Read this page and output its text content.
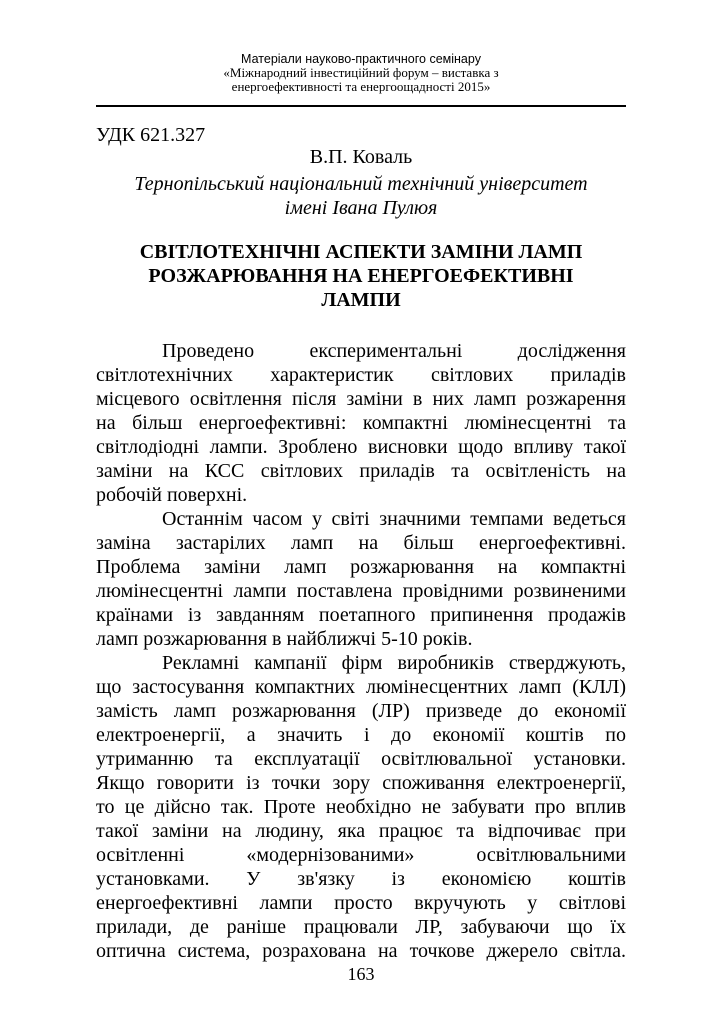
Матеріали науково-практичного семінару
«Міжнародний інвестиційний форум – виставка з
енергоефективності та енергоощадності 2015»
УДК 621.327
В.П. Коваль
Тернопільський національний технічний університет
імені Івана Пулюя
СВІТЛОТЕХНІЧНІ АСПЕКТИ ЗАМІНИ ЛАМП
РОЗЖАРЮВАННЯ НА ЕНЕРГОЕФЕКТИВНІ
ЛАМПИ
Проведено експериментальні дослідження
світлотехнічних характеристик світлових приладів
місцевого освітлення після заміни в них ламп розжарення
на більш енергоефективні: компактні люмінесцентні та
світлодіодні лампи. Зроблено висновки щодо впливу такої
заміни на КСС світлових приладів та освітленість на
робочій поверхні.
Останнім часом у світі значними темпами ведеться
заміна застарілих ламп на більш енергоефективні.
Проблема заміни ламп розжарювання на компактні
люмінесцентні лампи поставлена провідними розвиненими
країнами із завданням поетапного припинення продажів
ламп розжарювання в найближчі 5-10 років.
Рекламні кампанії фірм виробників стверджують,
що застосування компактних люмінесцентних ламп (КЛЛ)
замість ламп розжарювання (ЛР) призведе до економії
електроенергії, а значить і до економії коштів по
утриманню та експлуатації освітлювальної установки.
Якщо говорити із точки зору споживання електроенергії,
то це дійсно так. Проте необхідно не забувати про вплив
такої заміни на людину, яка працює та відпочиває при
освітленні «модернізованими» освітлювальними
установками. У зв'язку із економією коштів
енергоефективні лампи просто вкручують у світлові
прилади, де раніше працювали ЛР, забуваючи що їх
оптична система, розрахована на точкове джерело світла.
163
